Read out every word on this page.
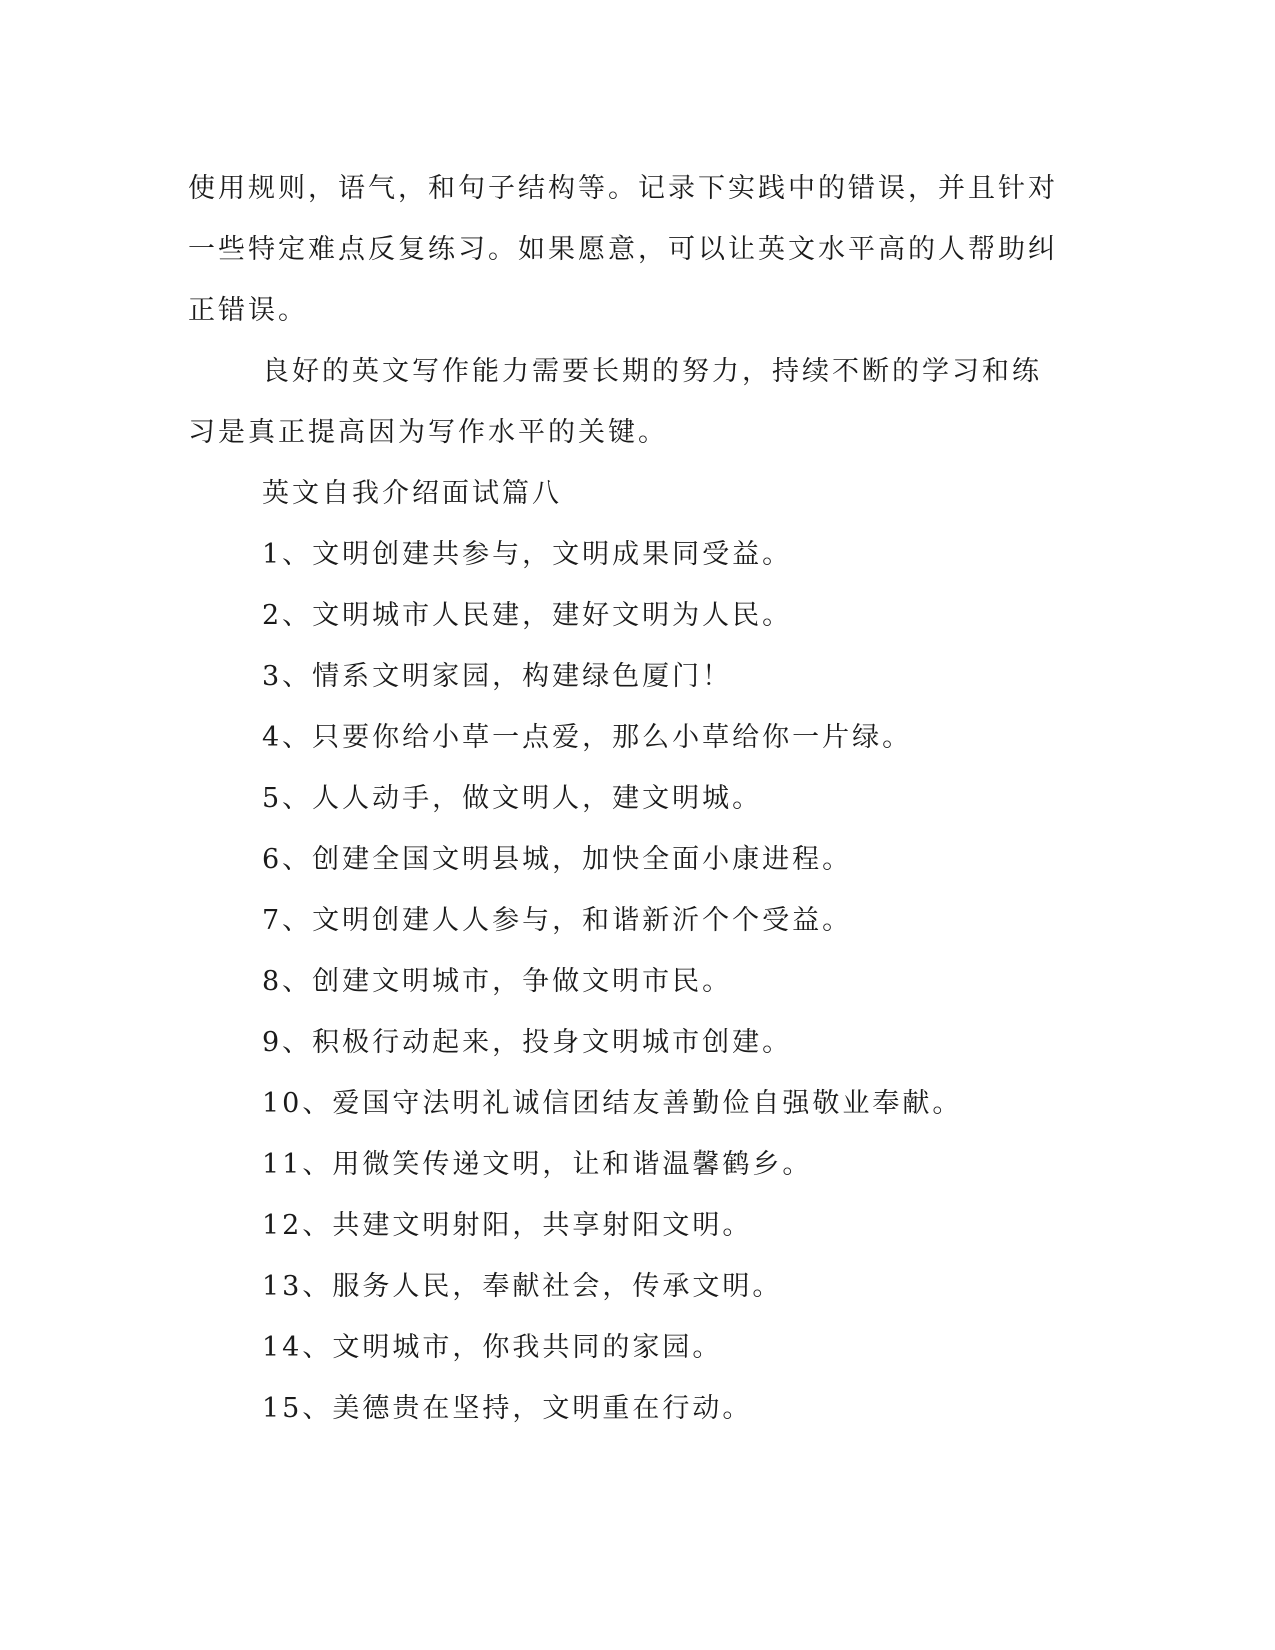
使用规则，语气，和句子结构等。记录下实践中的错误，并且针对一些特定难点反复练习。如果愿意，可以让英文水平高的人帮助纠正错误。

良好的英文写作能力需要长期的努力，持续不断的学习和练习是真正提高因为写作水平的关键。

英文自我介绍面试篇八

1、文明创建共参与，文明成果同受益。

2、文明城市人民建，建好文明为人民。

3、情系文明家园，构建绿色厦门！

4、只要你给小草一点爱，那么小草给你一片绿。

5、人人动手，做文明人，建文明城。

6、创建全国文明县城，加快全面小康进程。

7、文明创建人人参与，和谐新沂个个受益。

8、创建文明城市，争做文明市民。

9、积极行动起来，投身文明城市创建。

10、爱国守法明礼诚信团结友善勤俭自强敬业奉献。

11、用微笑传递文明，让和谐温馨鹤乡。

12、共建文明射阳，共享射阳文明。

13、服务人民，奉献社会，传承文明。

14、文明城市，你我共同的家园。

15、美德贵在坚持，文明重在行动。
